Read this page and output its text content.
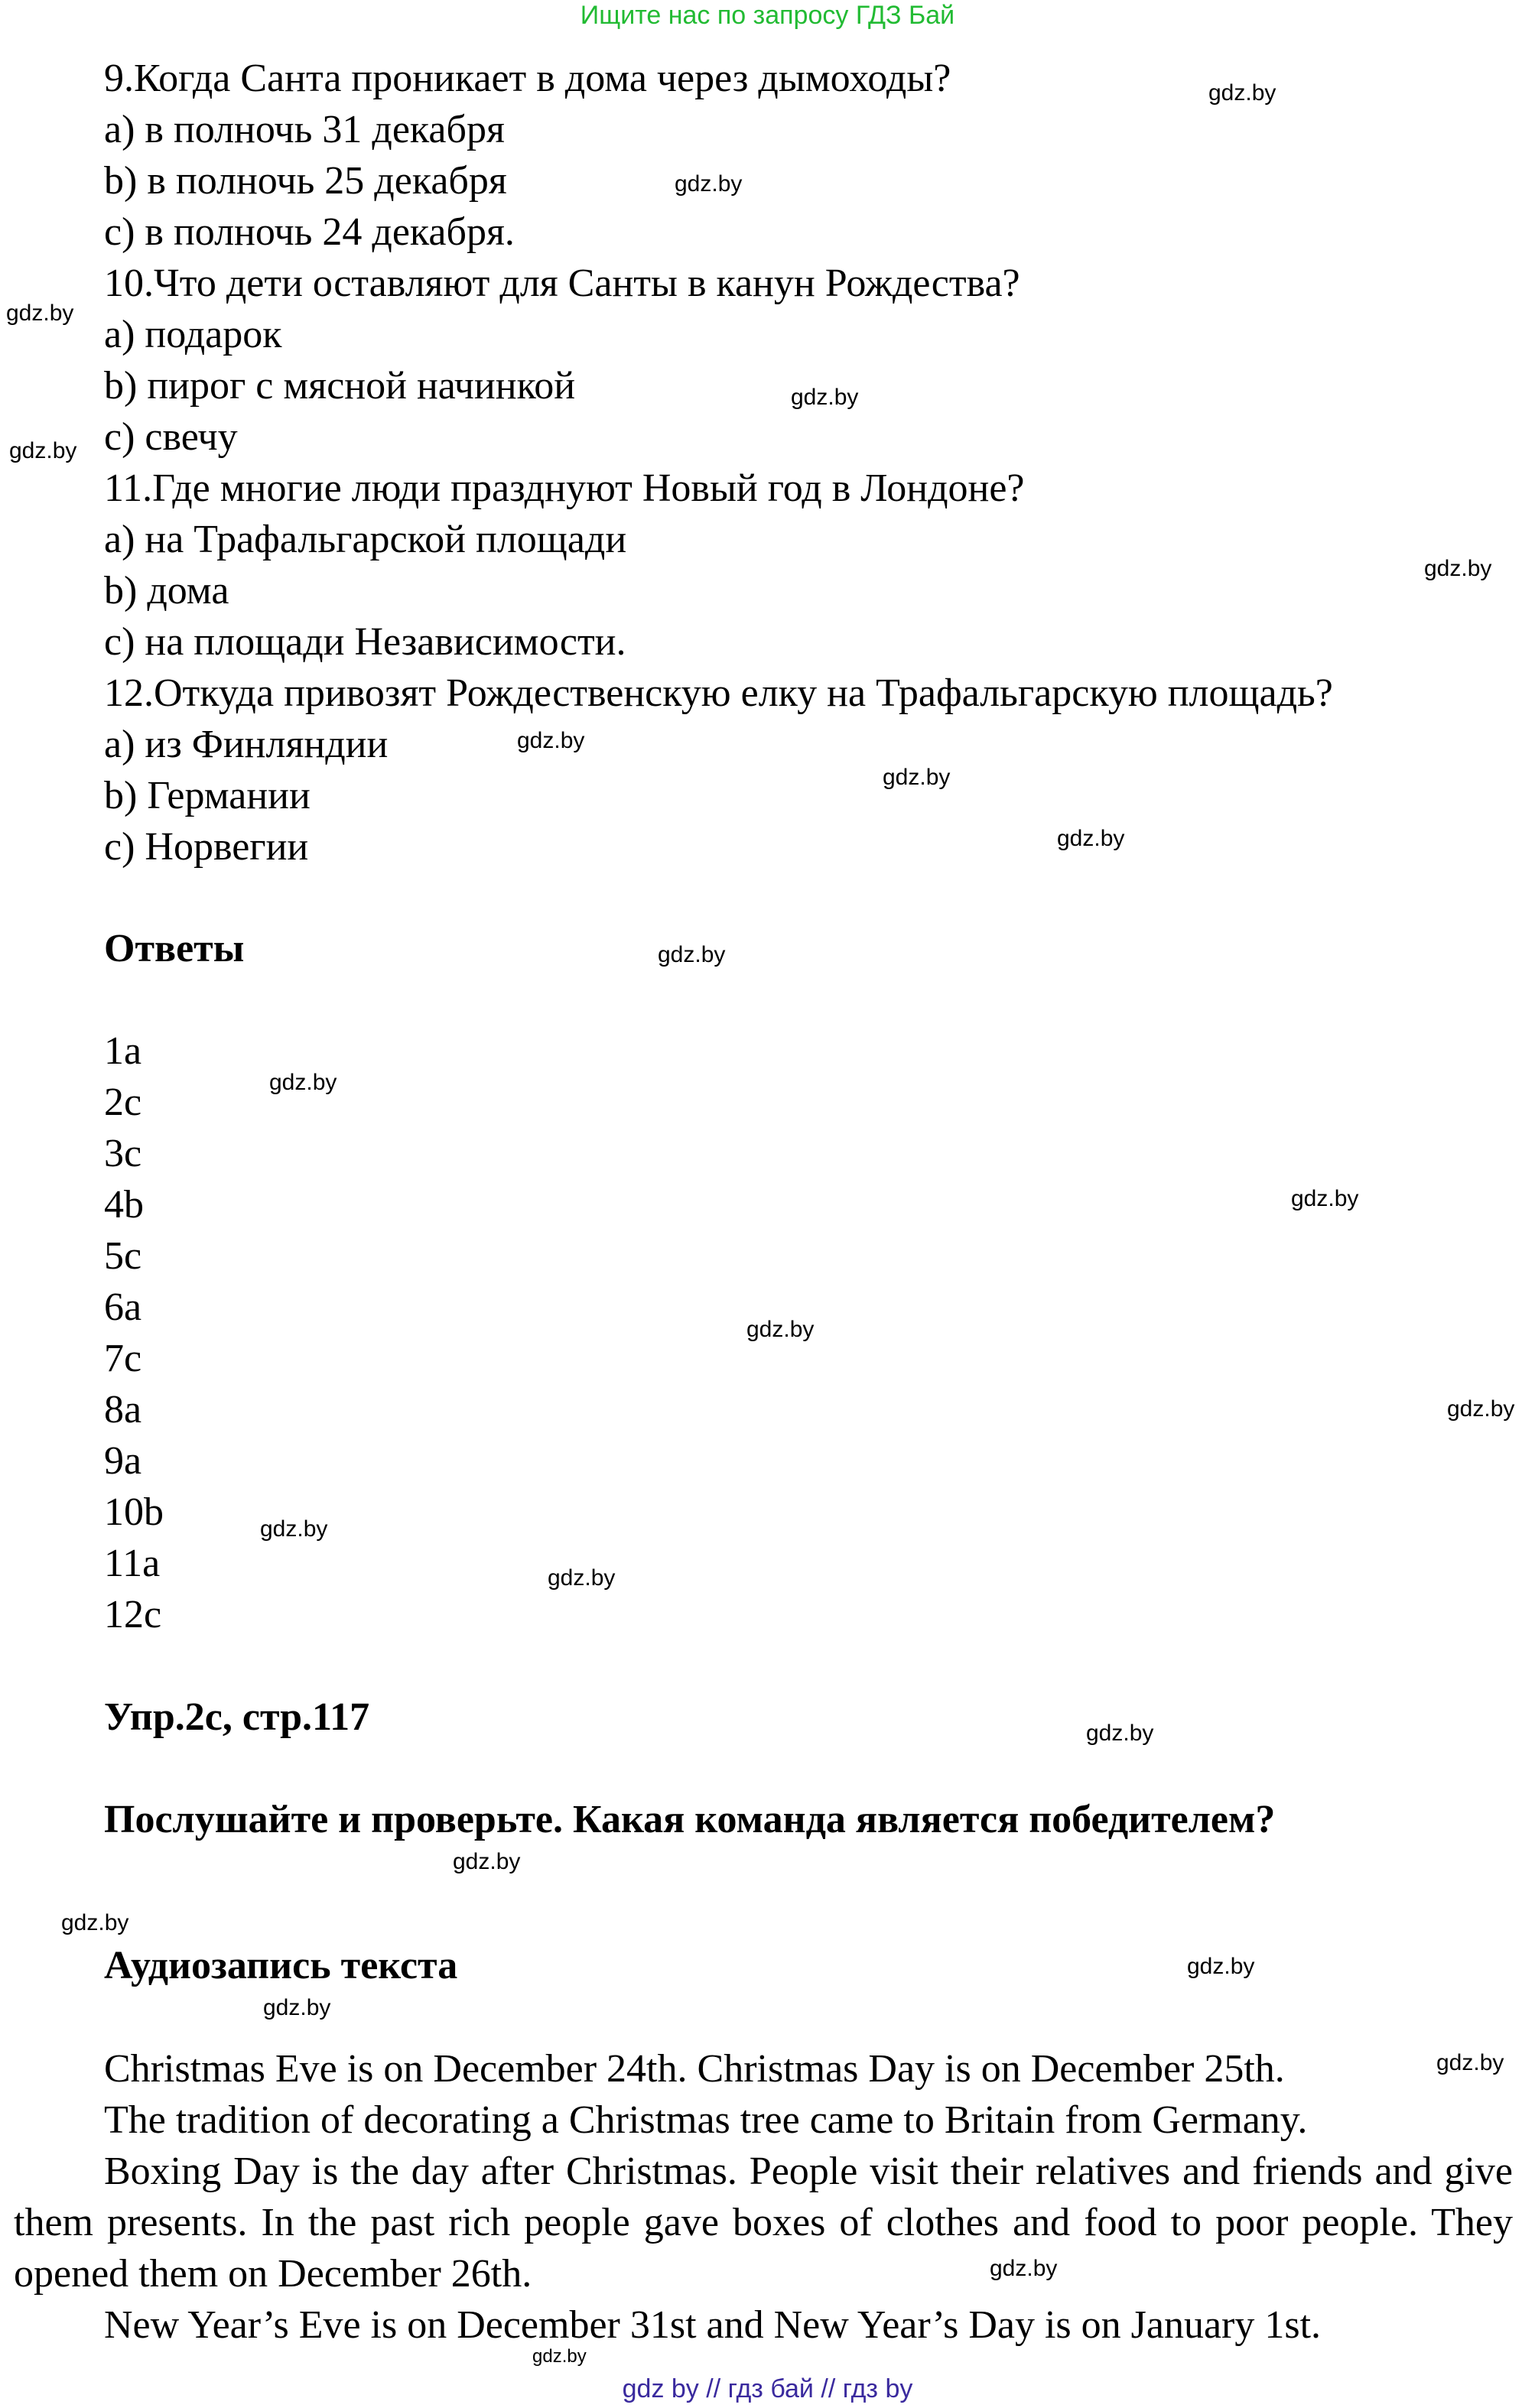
Ищите нас по запросу ГДЗ Бай
9.Когда Санта проникает в дома через дымоходы?
а) в полночь 31 декабря
b) в полночь 25 декабря
с) в полночь 24 декабря.
10.Что дети оставляют для Санты в канун Рождества?
а) подарок
b) пирог с мясной начинкой
с) свечу
11.Где многие люди празднуют Новый год в Лондоне?
а) на Трафальгарской площади
b) дома
с) на площади Независимости.
12.Откуда привозят Рождественскую елку на Трафальгарскую площадь?
а) из Финляндии
b) Германии
с) Норвегии
Ответы
1a
2c
3c
4b
5c
6a
7c
8a
9a
10b
11a
12c
Упр.2с, стр.117
Послушайте и проверьте. Какая команда является победителем?
Аудиозапись текста

Christmas Eve is on December 24th. Christmas Day is on December 25th.

The tradition of decorating a Christmas tree came to Britain from Germany.

Boxing Day is the day after Christmas. People visit their relatives and friends and give them presents. In the past rich people gave boxes of clothes and food to poor people. They opened them on December 26th.

New Year’s Eve is on December 31st and New Year’s Day is on January 1st.

gdz.by
gdz.by
gdz.by
gdz.by
gdz.by
gdz.by
gdz.by
gdz.by
gdz.by
gdz.by
gdz.by
gdz.by
gdz.by
gdz.by
gdz.by
gdz.by
gdz.by
gdz.by
gdz.by
gdz.by
gdz.by
gdz.by
gdz.by
gdz.by
gdz by // гдз бай // гдз by
